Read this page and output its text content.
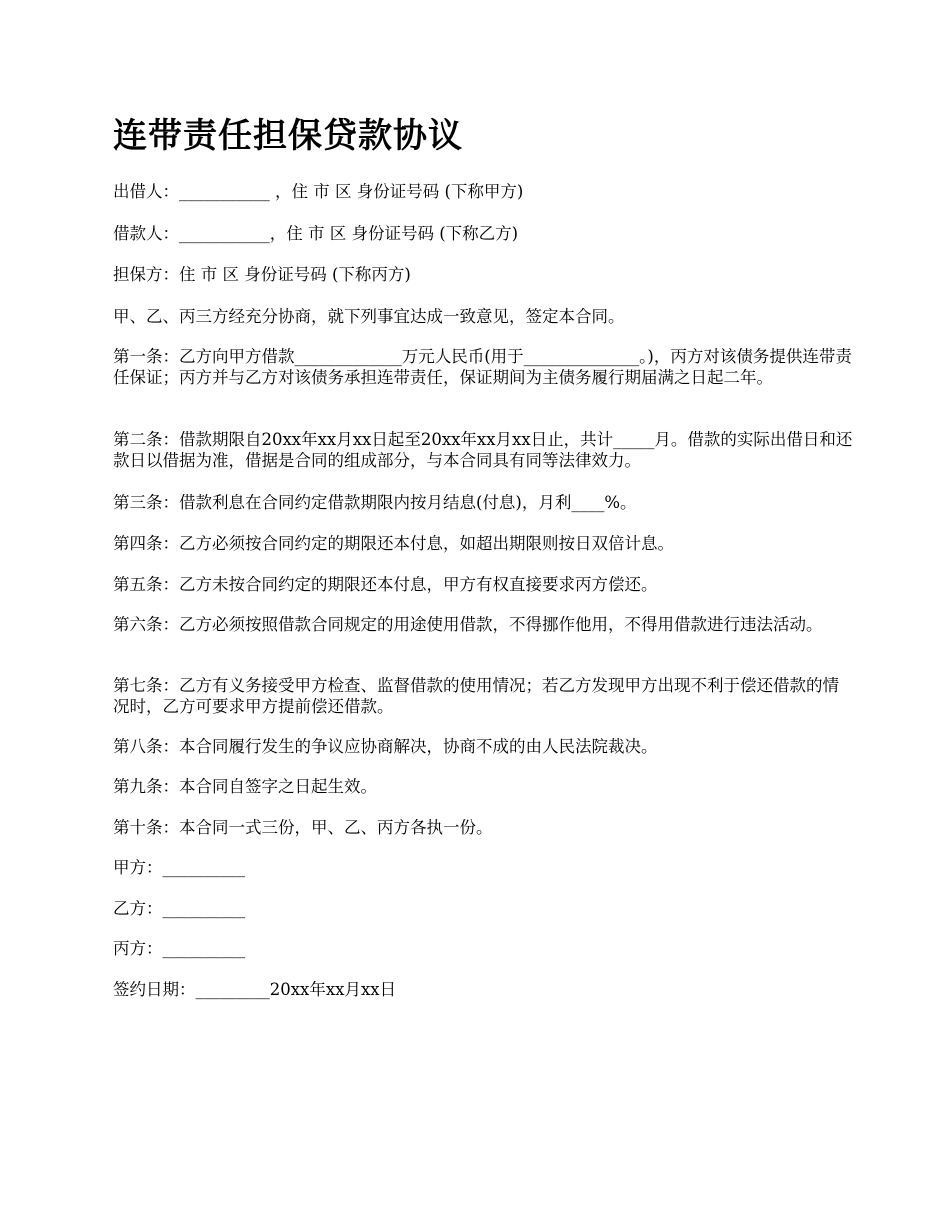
连带责任担保贷款协议

出借人：___________ ，住 市 区 身份证号码 (下称甲方)

借款人：___________，住 市 区 身份证号码 (下称乙方)

担保方：住 市 区 身份证号码 (下称丙方)

甲、乙、丙三方经充分协商，就下列事宜达成一致意见，签定本合同。

第一条：乙方向甲方借款_____________万元人民币(用于______________。)，丙方对该债务提供连带责任保证；丙方并与乙方对该债务承担连带责任，保证期间为主债务履行期届满之日起二年。

第二条：借款期限自20xx年xx月xx日起至20xx年xx月xx日止，共计_____月。借款的实际出借日和还款日以借据为准，借据是合同的组成部分，与本合同具有同等法律效力。

第三条：借款利息在合同约定借款期限内按月结息(付息)，月利____%。

第四条：乙方必须按合同约定的期限还本付息，如超出期限则按日双倍计息。

第五条：乙方未按合同约定的期限还本付息，甲方有权直接要求丙方偿还。

第六条：乙方必须按照借款合同规定的用途使用借款，不得挪作他用，不得用借款进行违法活动。

第七条：乙方有义务接受甲方检查、监督借款的使用情况；若乙方发现甲方出现不利于偿还借款的情况时，乙方可要求甲方提前偿还借款。

第八条：本合同履行发生的争议应协商解决，协商不成的由人民法院裁决。

第九条：本合同自签字之日起生效。

第十条：本合同一式三份，甲、乙、丙方各执一份。

甲方：__________

乙方：__________

丙方：__________

签约日期：_________20xx年xx月xx日
